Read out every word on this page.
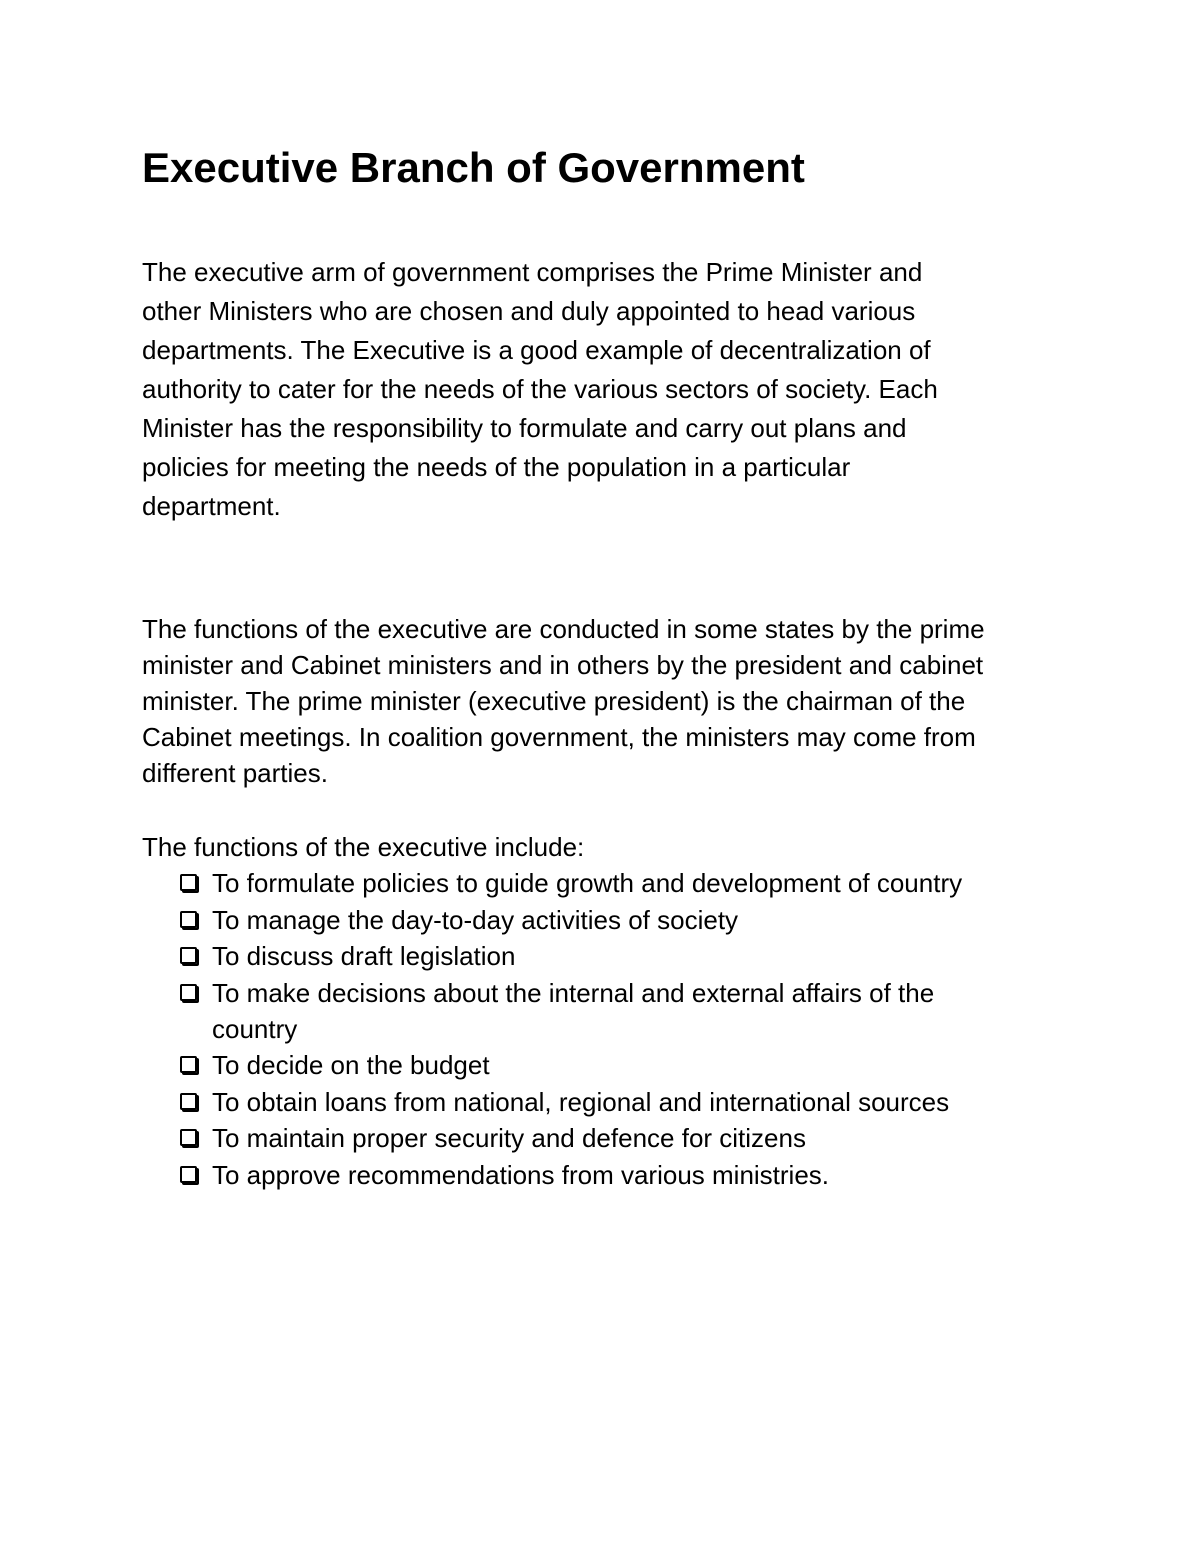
Executive Branch of Government

The executive arm of government comprises the Prime Minister and
other Ministers who are chosen and duly appointed to head various
departments. The Executive is a good example of decentralization of
authority to cater for the needs of the various sectors of society. Each
Minister has the responsibility to formulate and carry out plans and
policies for meeting the needs of the population in a particular
department.

The functions of the executive are conducted in some states by the prime
minister and Cabinet ministers and in others by the president and cabinet
minister. The prime minister (executive president) is the chairman of the
Cabinet meetings. In coalition government, the ministers may come from
different parties.

The functions of the executive include:

To formulate policies to guide growth and development of country
To manage the day-to-day activities of society
To discuss draft legislation
To make decisions about the internal and external affairs of the country
To decide on the budget
To obtain loans from national, regional and international sources
To maintain proper security and defence for citizens
To approve recommendations from various ministries.
